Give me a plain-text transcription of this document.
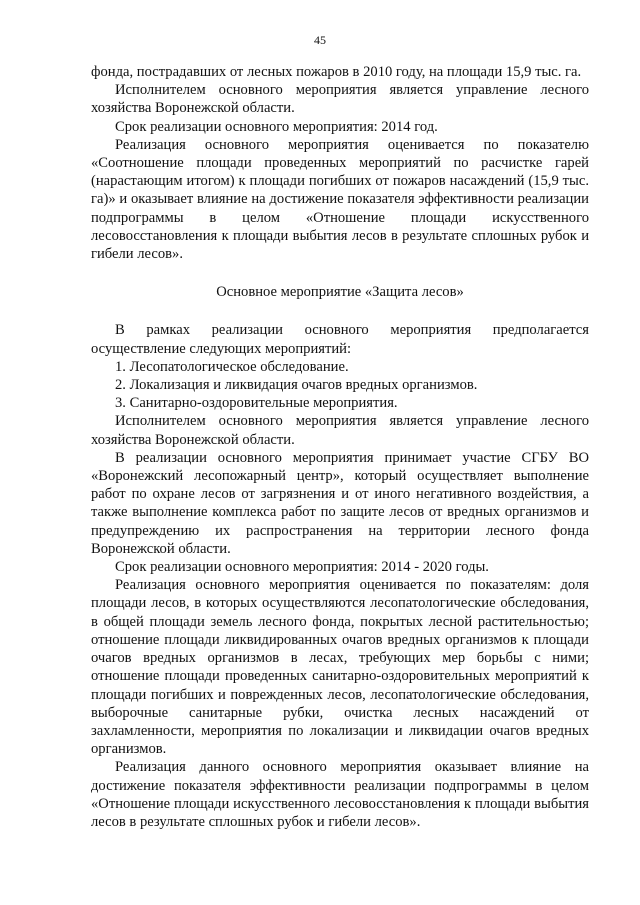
45

фонда, пострадавших от лесных пожаров в 2010 году, на площади 15,9 тыс. га.

Исполнителем основного мероприятия является управление лесного хозяйства Воронежской области.

Срок реализации основного мероприятия: 2014 год.

Реализация основного мероприятия оценивается по показателю «Соотношение площади проведенных мероприятий по расчистке гарей (нарастающим итогом) к площади погибших от пожаров насаждений (15,9 тыс. га)» и оказывает влияние на достижение показателя эффективности реализации подпрограммы в целом «Отношение площади искусственного лесовосстановления к площади выбытия лесов в результате сплошных рубок и гибели лесов».

Основное мероприятие «Защита лесов»

В рамках реализации основного мероприятия предполагается осуществление следующих мероприятий:

1. Лесопатологическое обследование.

2. Локализация и ликвидация очагов вредных организмов.

3. Санитарно-оздоровительные мероприятия.

Исполнителем основного мероприятия является управление лесного хозяйства Воронежской области.

В реализации основного мероприятия принимает участие СГБУ ВО «Воронежский лесопожарный центр», который осуществляет выполнение работ по охране лесов от загрязнения и от иного негативного воздействия, а также выполнение комплекса работ по защите лесов от вредных организмов и предупреждению их распространения на территории лесного фонда Воронежской области.

Срок реализации основного мероприятия: 2014 - 2020 годы.

Реализация основного мероприятия оценивается по показателям: доля площади лесов, в которых осуществляются лесопатологические обследования, в общей площади земель лесного фонда, покрытых лесной растительностью; отношение площади ликвидированных очагов вредных организмов к площади очагов вредных организмов в лесах, требующих мер борьбы с ними; отношение площади проведенных санитарно-оздоровительных мероприятий к площади погибших и поврежденных лесов, лесопатологические обследования, выборочные санитарные рубки, очистка лесных насаждений от захламленности, мероприятия по локализации и ликвидации очагов вредных организмов.

Реализация данного основного мероприятия оказывает влияние на достижение показателя эффективности реализации подпрограммы в целом «Отношение площади искусственного лесовосстановления к площади выбытия лесов в результате сплошных рубок и гибели лесов».
